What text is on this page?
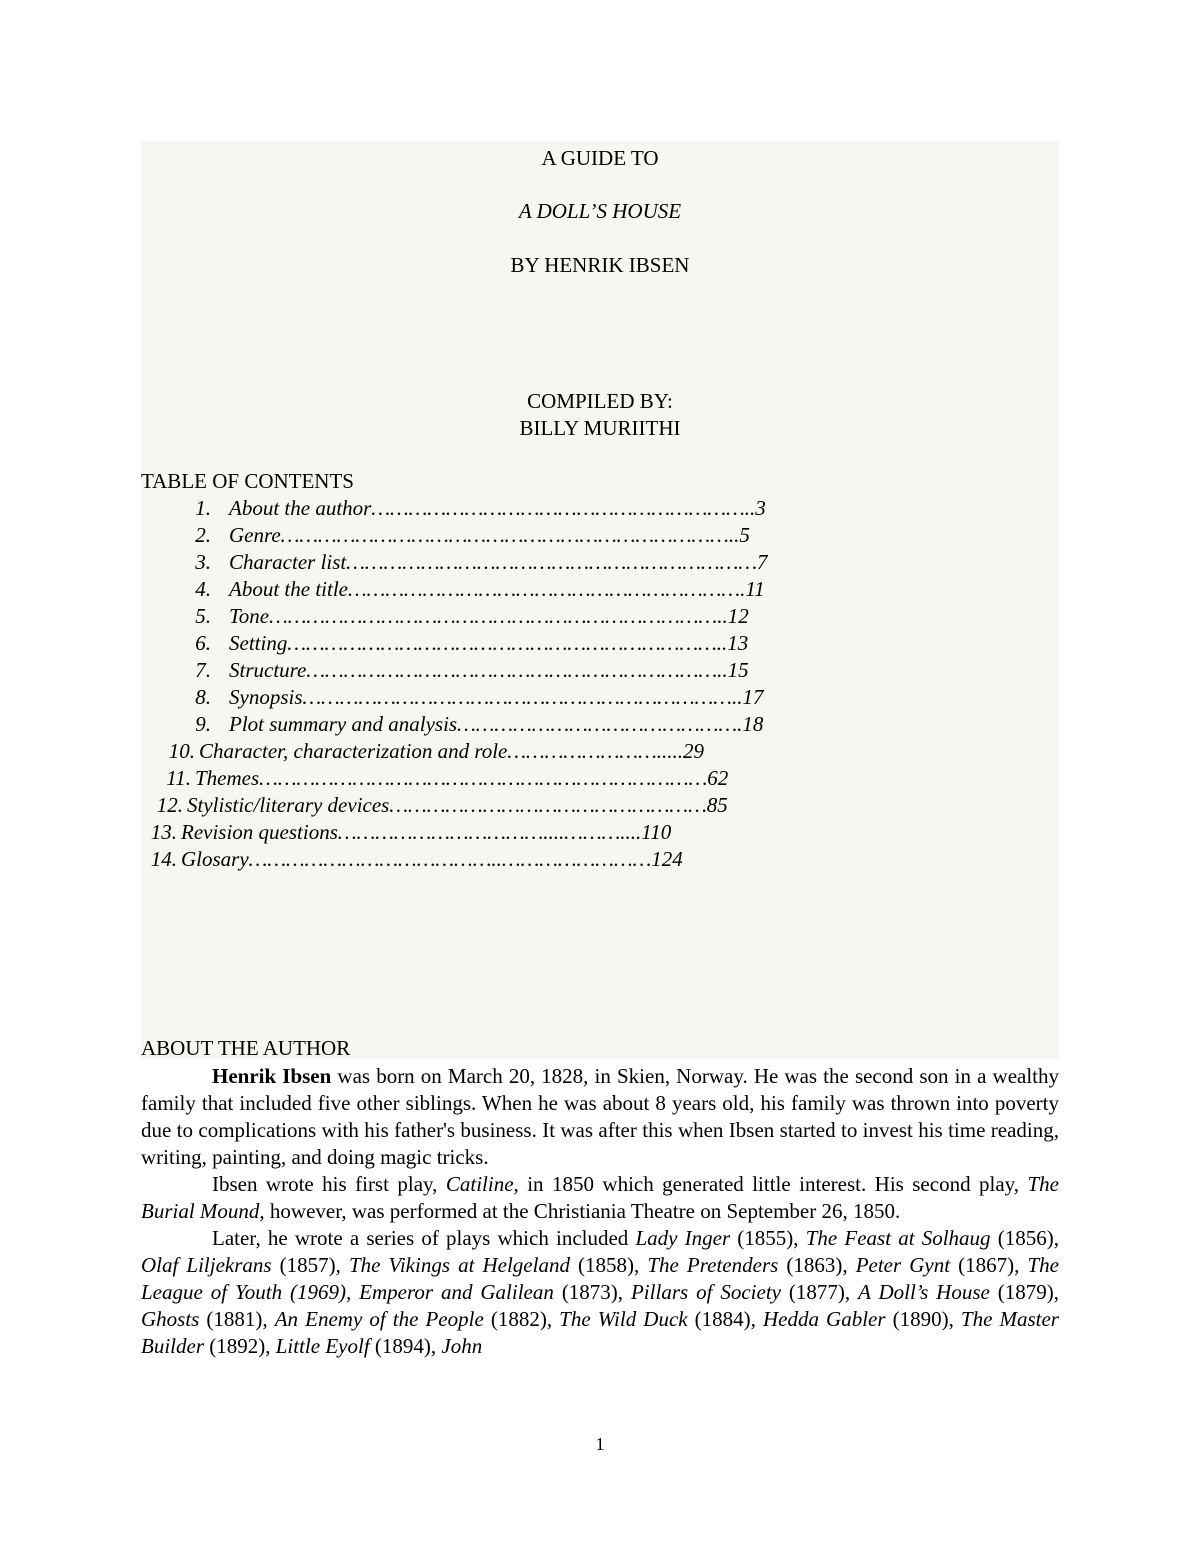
A GUIDE TO
A DOLL’S HOUSE
BY HENRIK IBSEN
COMPILED BY:
BILLY MURIITHI
TABLE OF CONTENTS
1. About the author……………………………………………………..3
2. Genre………………………………………………………………..5
3. Character list…………………………………………………………7
4. About the title……………………………………………………….11
5. Tone………………………………………………………………..12
6. Setting……………………………………………………………..13
7. Structure…………………………………………………………..15
8. Synopsis……………………………………………………………..17
9. Plot summary and analysis……………………………………….18
10. Character, characterization and role…………………….....29
11. Themes………………………………………………………………62
12. Stylistic/literary devices……………………………………………85
13. Revision questions……………………………....………....110
14. Glosary…………………………………..……………………124
ABOUT THE AUTHOR

Henrik Ibsen was born on March 20, 1828, in Skien, Norway. He was the second son in a wealthy family that included five other siblings. When he was about 8 years old, his family was thrown into poverty due to complications with his father's business. It was after this when Ibsen started to invest his time reading, writing, painting, and doing magic tricks.

Ibsen wrote his first play, Catiline, in 1850 which generated little interest. His second play, The Burial Mound, however, was performed at the Christiania Theatre on September 26, 1850.

Later, he wrote a series of plays which included Lady Inger (1855), The Feast at Solhaug (1856), Olaf Liljekrans (1857), The Vikings at Helgeland (1858), The Pretenders (1863), Peter Gynt (1867), The League of Youth (1969), Emperor and Galilean (1873), Pillars of Society (1877), A Doll’s House (1879), Ghosts (1881), An Enemy of the People (1882), The Wild Duck (1884), Hedda Gabler (1890), The Master Builder (1892), Little Eyolf (1894), John

1
